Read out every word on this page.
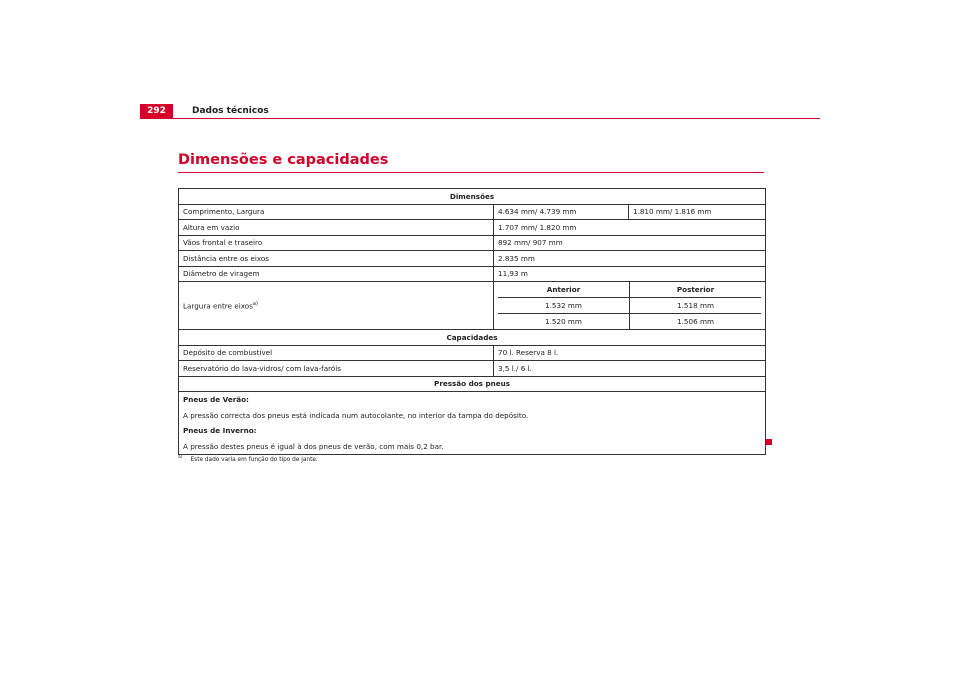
292	Dados técnicos
Dimensões e capacidades
Dimensões
Comprimento, Largura	4.634 mm/ 4.739 mm	1.810 mm/ 1.816 mm
Altura em vazio	1.707 mm/ 1.820 mm
Vãos frontal e traseiro	892 mm/ 907 mm
Distância entre os eixos	2.835 mm
Diâmetro de viragem	11,93 m
Largura entre eixos$^{a)}$	
Anterior	Posterior
1.532 mm	1.518 mm
1.520 mm	1.506 mm

Capacidades
Depósito de combustível	70 l. Reserva 8 l.
Reservatório do lava-vidros/ com lava-faróis	3,5 l./ 6 l.
Pressão dos pneus

Pneus de Verão:
A pressão correcta dos pneus está indicada num autocolante, no interior da tampa do depósito.
Pneus de Inverno:
A pressão destes pneus é igual à dos pneus de verão, com mais 0,2 bar.
$^{a)}$ Este dado varia em função do tipo de jante.
